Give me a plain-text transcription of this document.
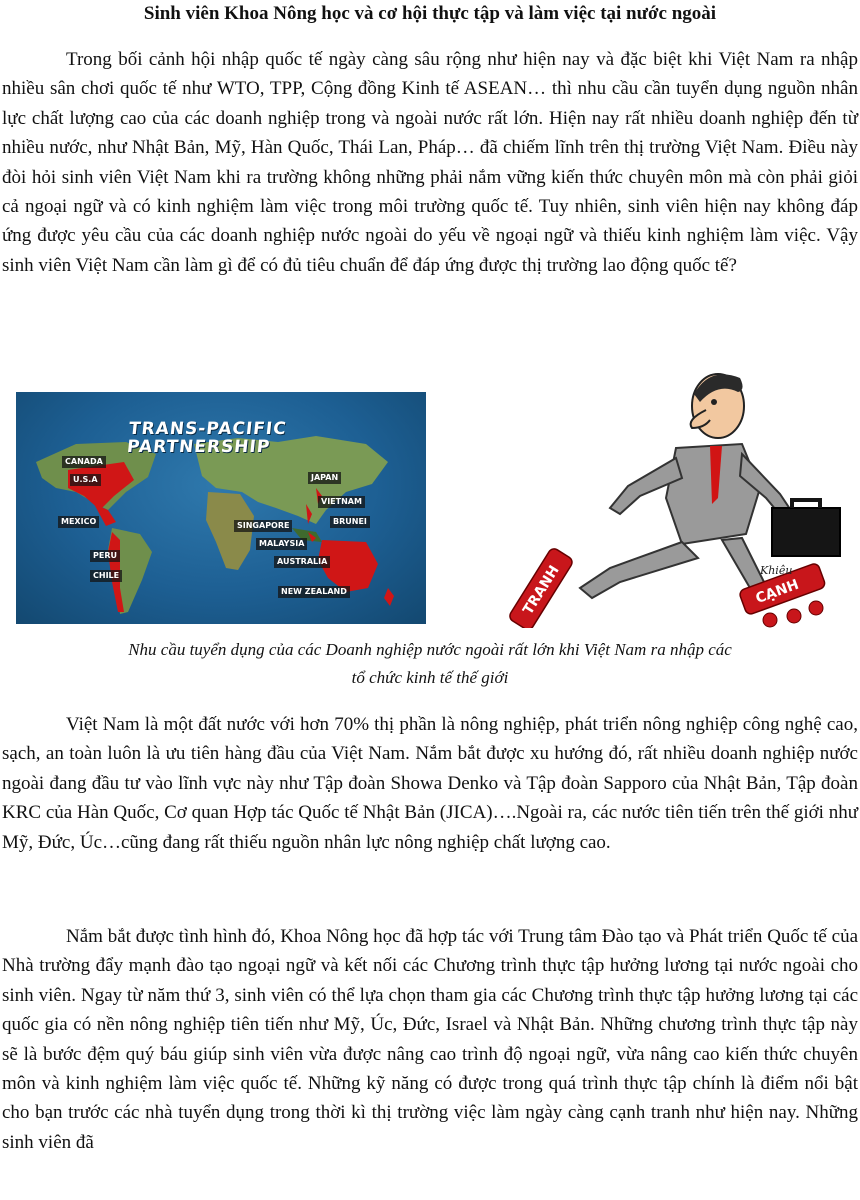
Sinh viên Khoa Nông học và cơ hội thực tập và làm việc tại nước ngoài

Trong bối cảnh hội nhập quốc tế ngày càng sâu rộng như hiện nay và đặc biệt khi Việt Nam ra nhập nhiều sân chơi quốc tế như WTO, TPP, Cộng đồng Kinh tế ASEAN… thì nhu cầu cần tuyển dụng nguồn nhân lực chất lượng cao của các doanh nghiệp trong và ngoài nước rất lớn. Hiện nay rất nhiều doanh nghiệp đến từ nhiều nước, như Nhật Bản, Mỹ, Hàn Quốc, Thái Lan, Pháp… đã chiếm lĩnh trên thị trường Việt Nam. Điều này đòi hỏi sinh viên Việt Nam khi ra trường không những phải nắm vững kiến thức chuyên môn mà còn phải giỏi cả ngoại ngữ và có kinh nghiệm làm việc trong môi trường quốc tế. Tuy nhiên, sinh viên hiện nay không đáp ứng được yêu cầu của các doanh nghiệp nước ngoài do yếu về ngoại ngữ và thiếu kinh nghiệm làm việc. Vậy sinh viên Việt Nam cần làm gì để có đủ tiêu chuẩn để đáp ứng được thị trường lao động quốc tế?

TRANS-PACIFIC
PARTNERSHIP
CANADA
U.S.A
MEXICO
PERU
CHILE
JAPAN
VIETNAM
BRUNEI
SINGAPORE
MALAYSIA
AUSTRALIA
NEW ZEALAND	TRANH	CẠNH
Khiêu
Nhu cầu tuyển dụng của các Doanh nghiệp nước ngoài rất lớn khi Việt Nam ra nhập các
tổ chức kinh tế thế giới

Việt Nam là một đất nước với hơn 70% thị phần là nông nghiệp, phát triển nông nghiệp công nghệ cao, sạch, an toàn luôn là ưu tiên hàng đầu của Việt Nam. Nắm bắt được xu hướng đó, rất nhiều doanh nghiệp nước ngoài đang đầu tư vào lĩnh vực này như Tập đoàn Showa Denko và Tập đoàn Sapporo của Nhật Bản, Tập đoàn KRC của Hàn Quốc, Cơ quan Hợp tác Quốc tế Nhật Bản (JICA)….Ngoài ra, các nước tiên tiến trên thế giới như Mỹ, Đức, Úc…cũng đang rất thiếu nguồn nhân lực nông nghiệp chất lượng cao.

Nắm bắt được tình hình đó, Khoa Nông học đã hợp tác với Trung tâm Đào tạo và Phát triển Quốc tế của Nhà trường đẩy mạnh đào tạo ngoại ngữ và kết nối các Chương trình thực tập hưởng lương tại nước ngoài cho sinh viên. Ngay từ năm thứ 3, sinh viên có thể lựa chọn tham gia các Chương trình thực tập hưởng lương tại các quốc gia có nền nông nghiệp tiên tiến như Mỹ, Úc, Đức, Israel và Nhật Bản. Những chương trình thực tập này sẽ là bước đệm quý báu giúp sinh viên vừa được nâng cao trình độ ngoại ngữ, vừa nâng cao kiến thức chuyên môn và kinh nghiệm làm việc quốc tế. Những kỹ năng có được trong quá trình thực tập chính là điểm nổi bật cho bạn trước các nhà tuyển dụng trong thời kì thị trường việc làm ngày càng cạnh tranh như hiện nay. Những sinh viên đã
